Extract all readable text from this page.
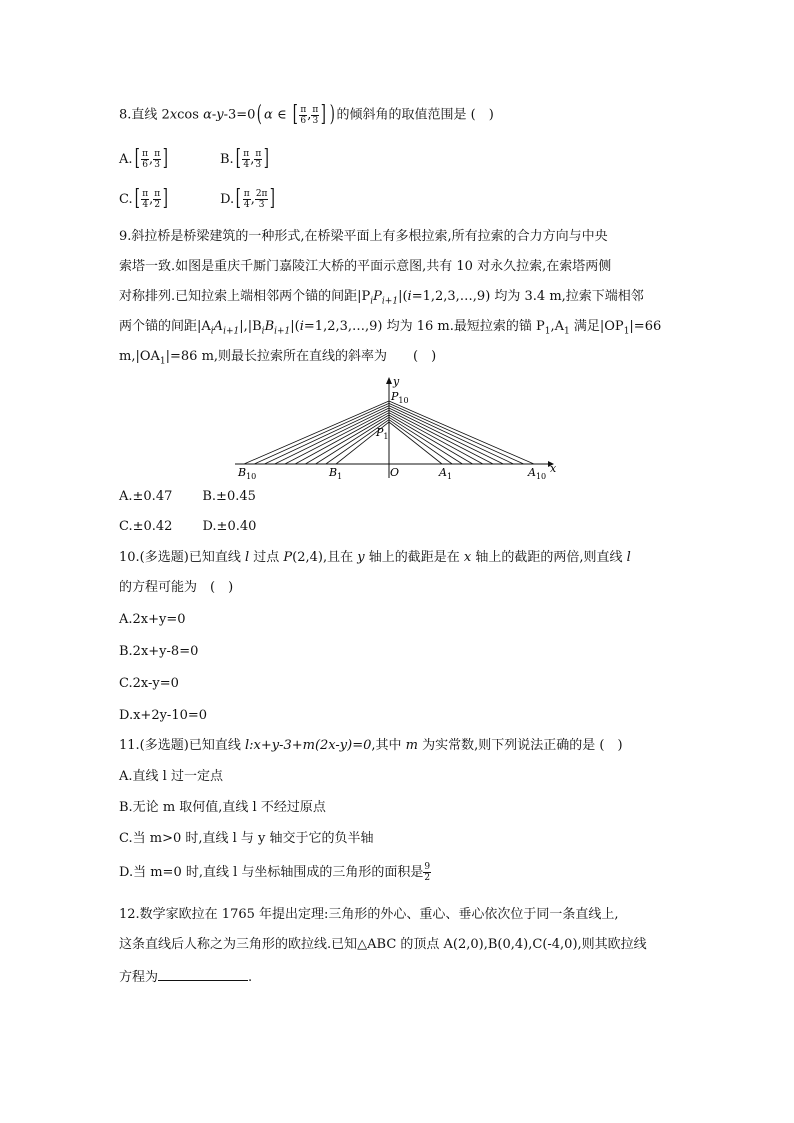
8.直线 2xcos α-y-3=0( α ∈ [ $\frac{\pi}{6}$ , $\frac{\pi}{3}$ ] ) 的倾斜角的取值范围是 (　)
$A.[ \frac{\pi}{6}$ , $\frac{\pi}{3}$ ]	$B.[ \frac{\pi}{4}$ , $\frac{\pi}{3}$ ]
$C.[ \frac{\pi}{4}$ , $\frac{\pi}{2}$ ]	$D.[ \frac{\pi}{4}$ , $\frac{2\pi}{3}$ ]
9.斜拉桥是桥梁建筑的一种形式,在桥梁平面上有多根拉索,所有拉索的合力方向与中央
索塔一致.如图是重庆千厮门嘉陵江大桥的平面示意图,共有 10 对永久拉索,在索塔两侧
对称排列.已知拉索上端相邻两个锚的间距$|P_iP_{i+1}|(i=1,2,3,\dots,9)$ 均为 3.4 m,拉索下端相邻
两个锚的间距$|A_iA_{i+1}|,|B_iB_{i+1}|(i=1,2,3,\dots,9)$ 均为 16 m.最短拉索的锚 $P_1,A_1$ 满足$|OP_1|=66$
$m,|OA_1|=86$ m,则最长拉索所在直线的斜率为　　(　)
y
x
O
$P_{10}$
$P_1$
$B_{10}$	$B_1$	$A_1$	$A_{10}$
A.±0.47 B.±0.45
C.±0.42 D.±0.40
10.(多选题)已知直线 l 过点 P(2,4),且在 y 轴上的截距是在 x 轴上的截距的两倍,则直线 l
的方程可能为　(　)
A.2x+y=0
B.2x+y-8=0
C.2x-y=0
D.x+2y-10=0
11.(多选题)已知直线 l:x+y-3+m(2x-y)=0,其中 m 为实常数,则下列说法正确的是 (　)
A.直线 l 过一定点
B.无论 m 取何值,直线 l 不经过原点
C.当 m>0 时,直线 l 与 y 轴交于它的负半轴
D.当 m=0 时,直线 l 与坐标轴围成的三角形的面积是 $\frac{9}{2}$
12.数学家欧拉在 1765 年提出定理:三角形的外心、重心、垂心依次位于同一条直线上,
这条直线后人称之为三角形的欧拉线.已知△ABC 的顶点 A(2,0),B(0,4),C(-4,0),则其欧拉线
方程为	.
